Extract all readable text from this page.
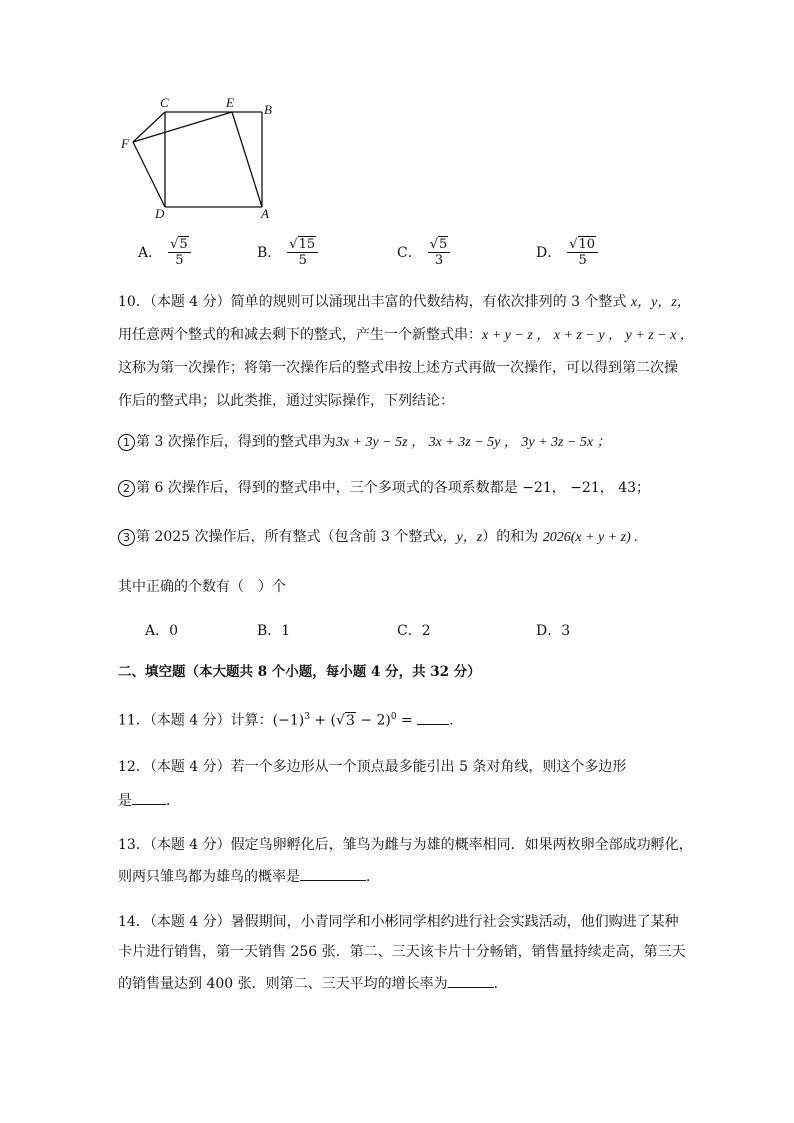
C	E B
F
D	A
A． $\frac{√5}{5}$	B． $\frac{√15}{5}$	C． $\frac{√5}{3}$	D． $\frac{√10}{5}$
10．（本题 4 分）简单的规则可以涌现出丰富的代数结构，有依次排列的 3 个整式 x，y，z，
用任意两个整式的和减去剩下的整式，产生一个新整式串：x + y − z ， x + z − y ， y + z − x ，
这称为第一次操作；将第一次操作后的整式串按上述方式再做一次操作，可以得到第二次操
作后的整式串；以此类推，通过实际操作，下列结论：
1 第 3 次操作后，得到的整式串为3x + 3y − 5z ， 3x + 3z − 5y ， 3y + 3z − 5x ；
2 第 6 次操作后，得到的整式串中，三个多项式的各项系数都是 −21， −21， 43；
3 第 2025 次操作后，所有整式（包含前 3 个整式x，y，z）的和为 2026(x + y + z) .
其中正确的个数有（　）个
A．0	B．1	C．2	D．3
二、填空题（本大题共 8 个小题，每小题 4 分，共 32 分）
11．（本题 4 分）计算：$(-1)^3 + (√3 - 2)^0$ = ．
12．（本题 4 分）若一个多边形从一个顶点最多能引出 5 条对角线，则这个多边形
是 ．
13．（本题 4 分）假定鸟卵孵化后，雏鸟为雌与为雄的概率相同．如果两枚卵全部成功孵化，
则两只雏鸟都为雄鸟的概率是	．
14．（本题 4 分）暑假期间，小青同学和小彬同学相约进行社会实践活动，他们购进了某种
卡片进行销售，第一天销售 256 张．第二、三天该卡片十分畅销，销售量持续走高，第三天
的销售量达到 400 张．则第二、三天平均的增长率为	．
